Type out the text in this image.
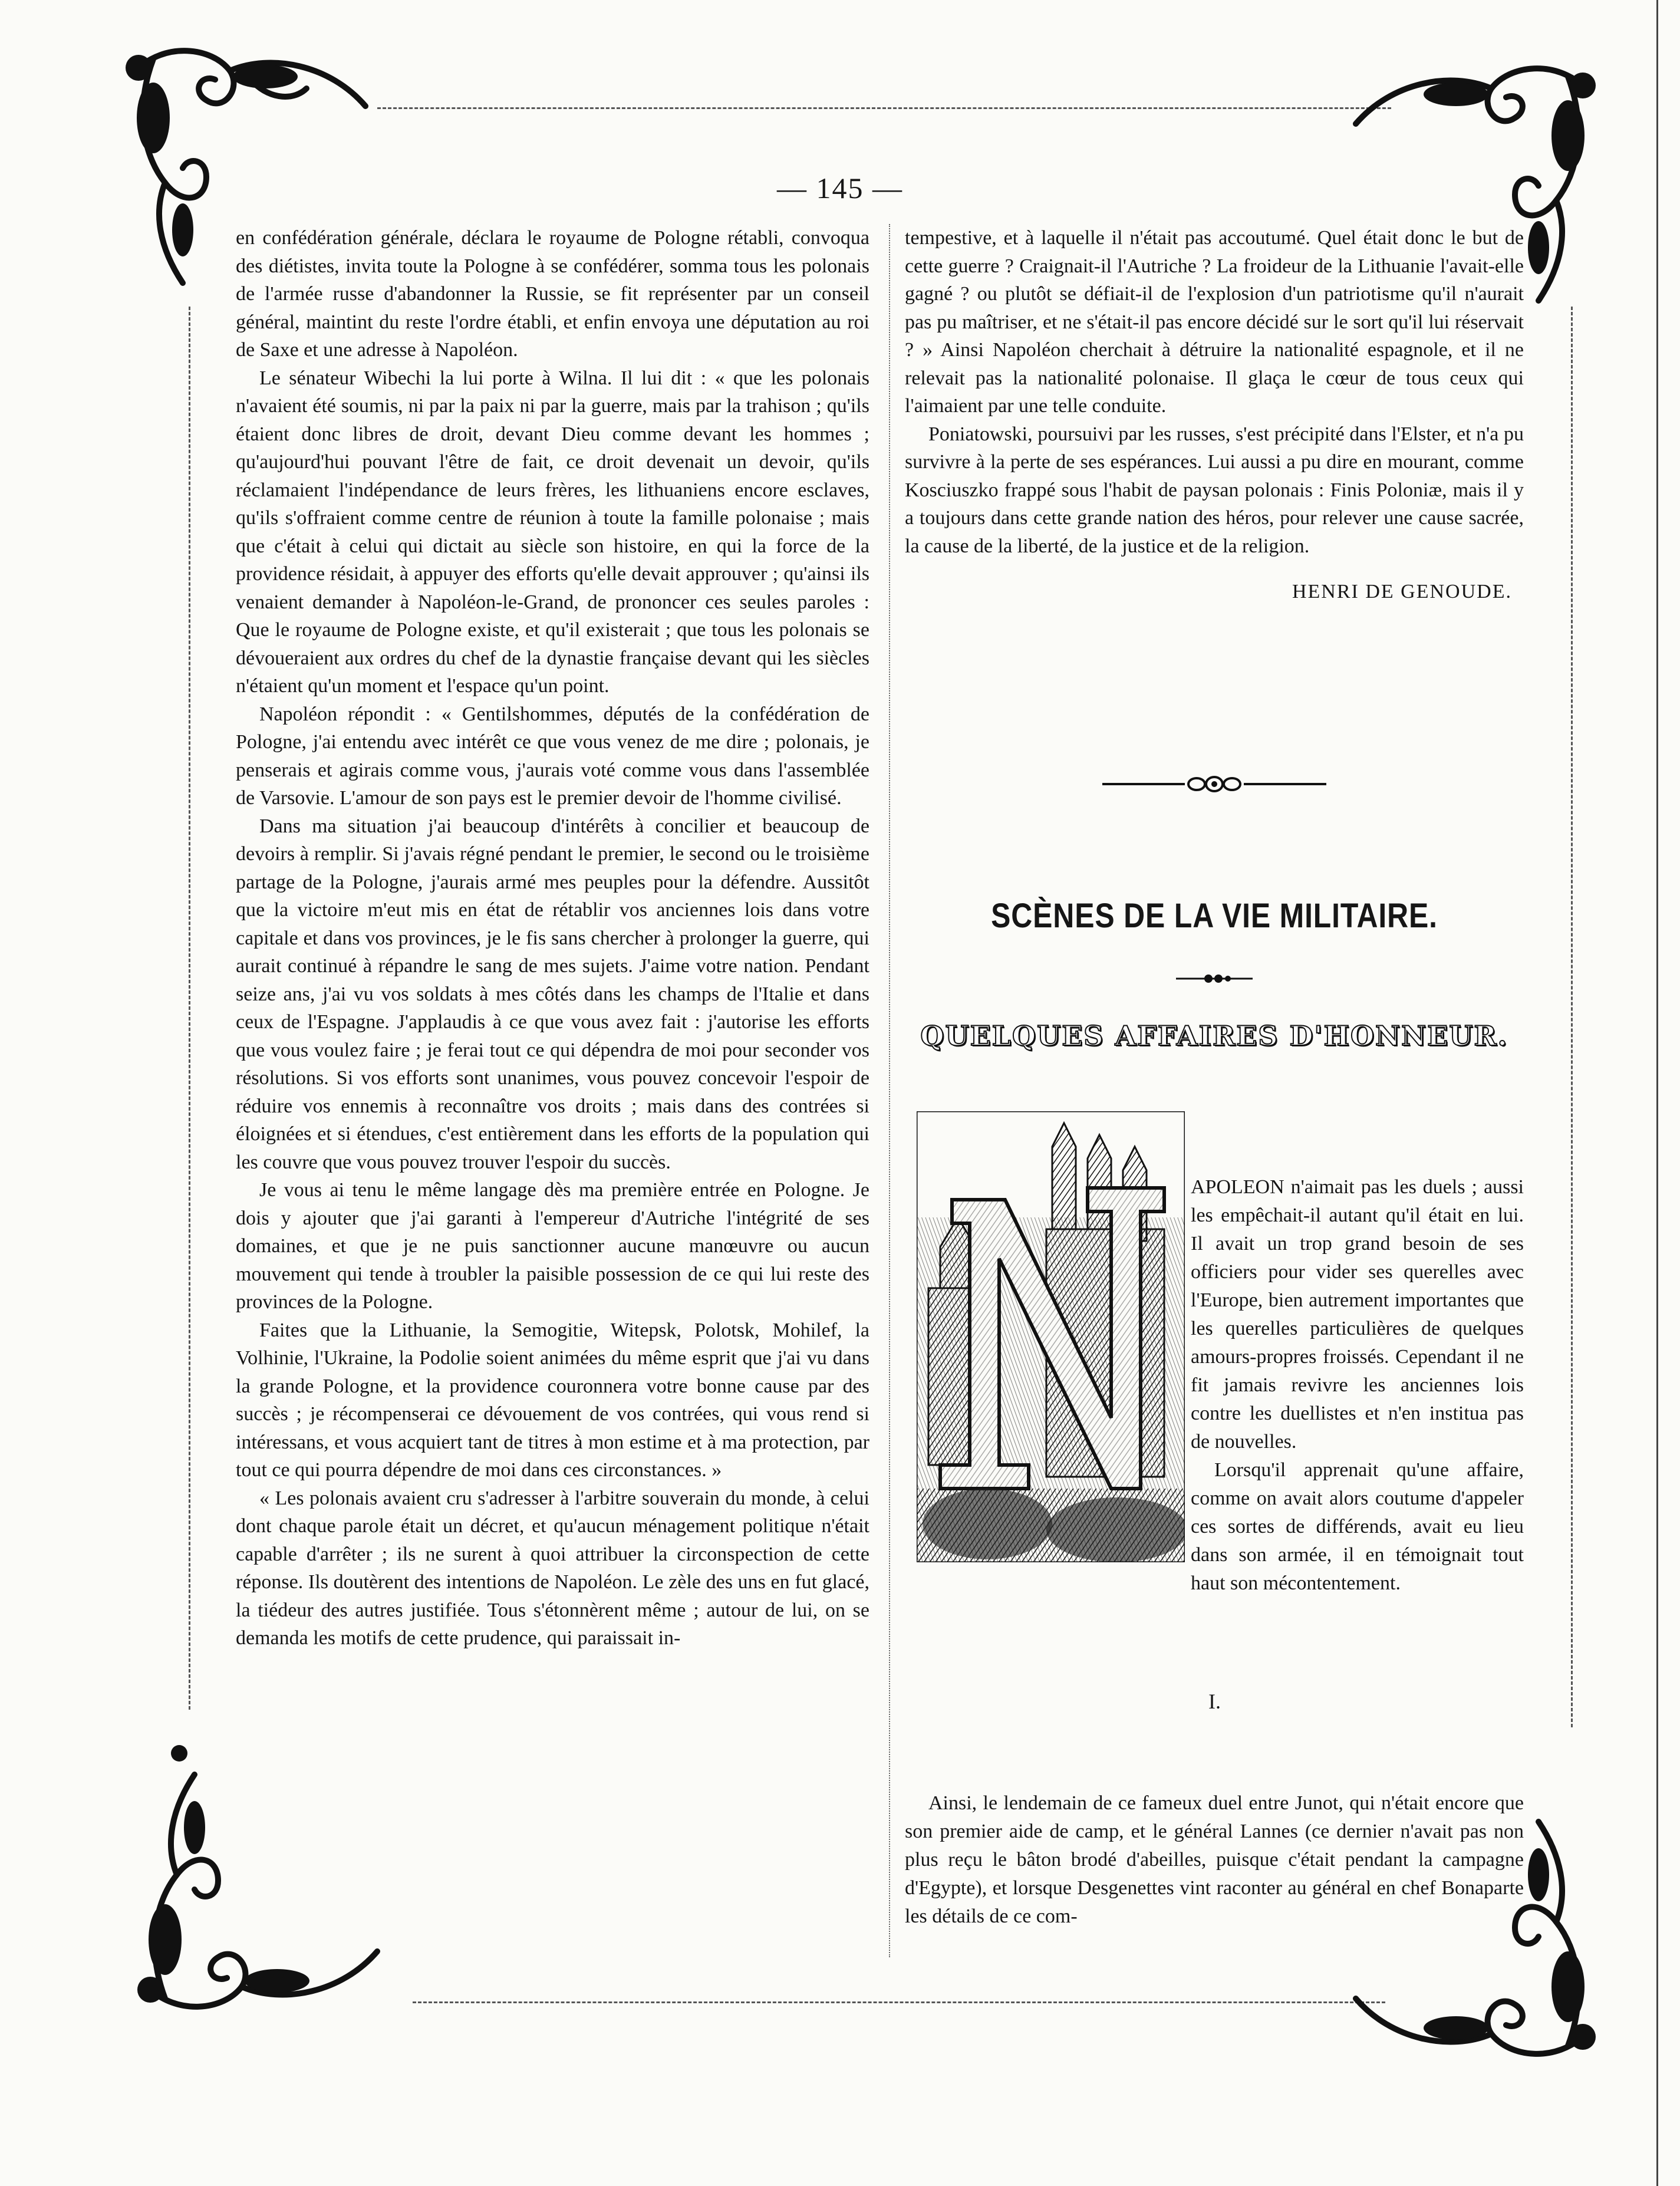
— 145 —

en confédération générale, déclara le royaume de Pologne rétabli, convoqua des diétistes, invita toute la Pologne à se confédérer, somma tous les polonais de l'armée russe d'abandonner la Russie, se fit représenter par un conseil général, maintint du reste l'ordre établi, et enfin envoya une députation au roi de Saxe et une adresse à Napoléon.

Le sénateur Wibechi la lui porte à Wilna. Il lui dit : « que les polonais n'avaient été soumis, ni par la paix ni par la guerre, mais par la trahison ; qu'ils étaient donc libres de droit, devant Dieu comme devant les hommes ; qu'aujourd'hui pouvant l'être de fait, ce droit devenait un devoir, qu'ils réclamaient l'indépendance de leurs frères, les lithuaniens encore esclaves, qu'ils s'offraient comme centre de réunion à toute la famille polonaise ; mais que c'était à celui qui dictait au siècle son histoire, en qui la force de la providence résidait, à appuyer des efforts qu'elle devait approuver ; qu'ainsi ils venaient demander à Napoléon-le-Grand, de prononcer ces seules paroles : Que le royaume de Pologne existe, et qu'il existerait ; que tous les polonais se dévoueraient aux ordres du chef de la dynastie française devant qui les siècles n'étaient qu'un moment et l'espace qu'un point.

Napoléon répondit : « Gentilshommes, députés de la confédération de Pologne, j'ai entendu avec intérêt ce que vous venez de me dire ; polonais, je penserais et agirais comme vous, j'aurais voté comme vous dans l'assemblée de Varsovie. L'amour de son pays est le premier devoir de l'homme civilisé.

Dans ma situation j'ai beaucoup d'intérêts à concilier et beaucoup de devoirs à remplir. Si j'avais régné pendant le premier, le second ou le troisième partage de la Pologne, j'aurais armé mes peuples pour la défendre. Aussitôt que la victoire m'eut mis en état de rétablir vos anciennes lois dans votre capitale et dans vos provinces, je le fis sans chercher à prolonger la guerre, qui aurait continué à répandre le sang de mes sujets. J'aime votre nation. Pendant seize ans, j'ai vu vos soldats à mes côtés dans les champs de l'Italie et dans ceux de l'Espagne. J'applaudis à ce que vous avez fait : j'autorise les efforts que vous voulez faire ; je ferai tout ce qui dépendra de moi pour seconder vos résolutions. Si vos efforts sont unanimes, vous pouvez concevoir l'espoir de réduire vos ennemis à reconnaître vos droits ; mais dans des contrées si éloignées et si étendues, c'est entièrement dans les efforts de la population qui les couvre que vous pouvez trouver l'espoir du succès.

Je vous ai tenu le même langage dès ma première entrée en Pologne. Je dois y ajouter que j'ai garanti à l'empereur d'Autriche l'intégrité de ses domaines, et que je ne puis sanctionner aucune manœuvre ou aucun mouvement qui tende à troubler la paisible possession de ce qui lui reste des provinces de la Pologne.

Faites que la Lithuanie, la Semogitie, Witepsk, Polotsk, Mohilef, la Volhinie, l'Ukraine, la Podolie soient animées du même esprit que j'ai vu dans la grande Pologne, et la providence couronnera votre bonne cause par des succès ; je récompenserai ce dévouement de vos contrées, qui vous rend si intéressans, et vous acquiert tant de titres à mon estime et à ma protection, par tout ce qui pourra dépendre de moi dans ces circonstances. »

« Les polonais avaient cru s'adresser à l'arbitre souverain du monde, à celui dont chaque parole était un décret, et qu'aucun ménagement politique n'était capable d'arrêter ; ils ne surent à quoi attribuer la circonspection de cette réponse. Ils doutèrent des intentions de Napoléon. Le zèle des uns en fut glacé, la tiédeur des autres justifiée. Tous s'étonnèrent même ; autour de lui, on se demanda les motifs de cette prudence, qui paraissait in-

tempestive, et à laquelle il n'était pas accoutumé. Quel était donc le but de cette guerre ? Craignait-il l'Autriche ? La froideur de la Lithuanie l'avait-elle gagné ? ou plutôt se défiait-il de l'explosion d'un patriotisme qu'il n'aurait pas pu maîtriser, et ne s'était-il pas encore décidé sur le sort qu'il lui réservait ? » Ainsi Napoléon cherchait à détruire la nationalité espagnole, et il ne relevait pas la nationalité polonaise. Il glaça le cœur de tous ceux qui l'aimaient par une telle conduite.

Poniatowski, poursuivi par les russes, s'est précipité dans l'Elster, et n'a pu survivre à la perte de ses espérances. Lui aussi a pu dire en mourant, comme Kosciuszko frappé sous l'habit de paysan polonais : Finis Poloniæ, mais il y a toujours dans cette grande nation des héros, pour relever une cause sacrée, la cause de la liberté, de la justice et de la religion.

HENRI DE GENOUDE.

SCÈNES DE LA VIE MILITAIRE.
QUELQUES AFFAIRES D'HONNEUR.

APOLEON n'aimait pas les duels ; aussi les empêchait-il autant qu'il était en lui. Il avait un trop grand besoin de ses officiers pour vider ses querelles avec l'Europe, bien autrement importantes que les querelles particulières de quelques amours-propres froissés. Cependant il ne fit jamais revivre les anciennes lois contre les duellistes et n'en institua pas de nouvelles.

Lorsqu'il apprenait qu'une affaire, comme on avait alors coutume d'appeler ces sortes de différends, avait eu lieu dans son armée, il en témoignait tout haut son mécontentement.

I.

Ainsi, le lendemain de ce fameux duel entre Junot, qui n'était encore que son premier aide de camp, et le général Lannes (ce dernier n'avait pas non plus reçu le bâton brodé d'abeilles, puisque c'était pendant la campagne d'Egypte), et lorsque Desgenettes vint raconter au général en chef Bonaparte les détails de ce com-
